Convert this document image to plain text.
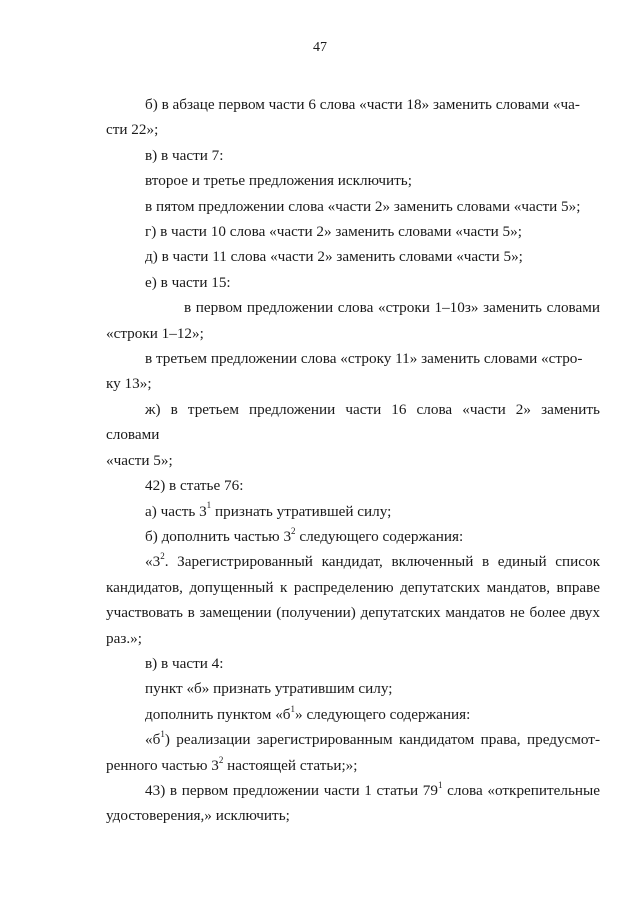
47

б) в абзаце первом части 6 слова «части 18» заменить словами «ча-
сти 22»;

в) в части 7:

второе и третье предложения исключить;

в пятом предложении слова «части 2» заменить словами «части 5»;

г) в части 10 слова «части 2» заменить словами «части 5»;

д) в части 11 слова «части 2» заменить словами «части 5»;

е) в части 15:

в первом предложении слова «строки 1–10з» заменить словами
«строки 1–12»;

в третьем предложении слова «строку 11» заменить словами «стро-
ку 13»;

ж) в третьем предложении части 16 слова «части 2» заменить словами
«части 5»;

42) в статье 76:

а) часть $3^1$ признать утратившей силу;

б) дополнить частью $3^2$ следующего содержания:

«$3^2$. Зарегистрированный кандидат, включенный в единый список кандидатов, допущенный к распределению депутатских мандатов, вправе участвовать в замещении (получении) депутатских мандатов не более двух раз.»;

в) в части 4:

пункт «б» признать утратившим силу;

дополнить пунктом «$б^1$» следующего содержания:

«$б^1$) реализации зарегистрированным кандидатом права, предусмот-ренного частью $3^2$ настоящей статьи;»;

43) в первом предложении части 1 статьи $79^1$ слова «открепительные удостоверения,» исключить;
